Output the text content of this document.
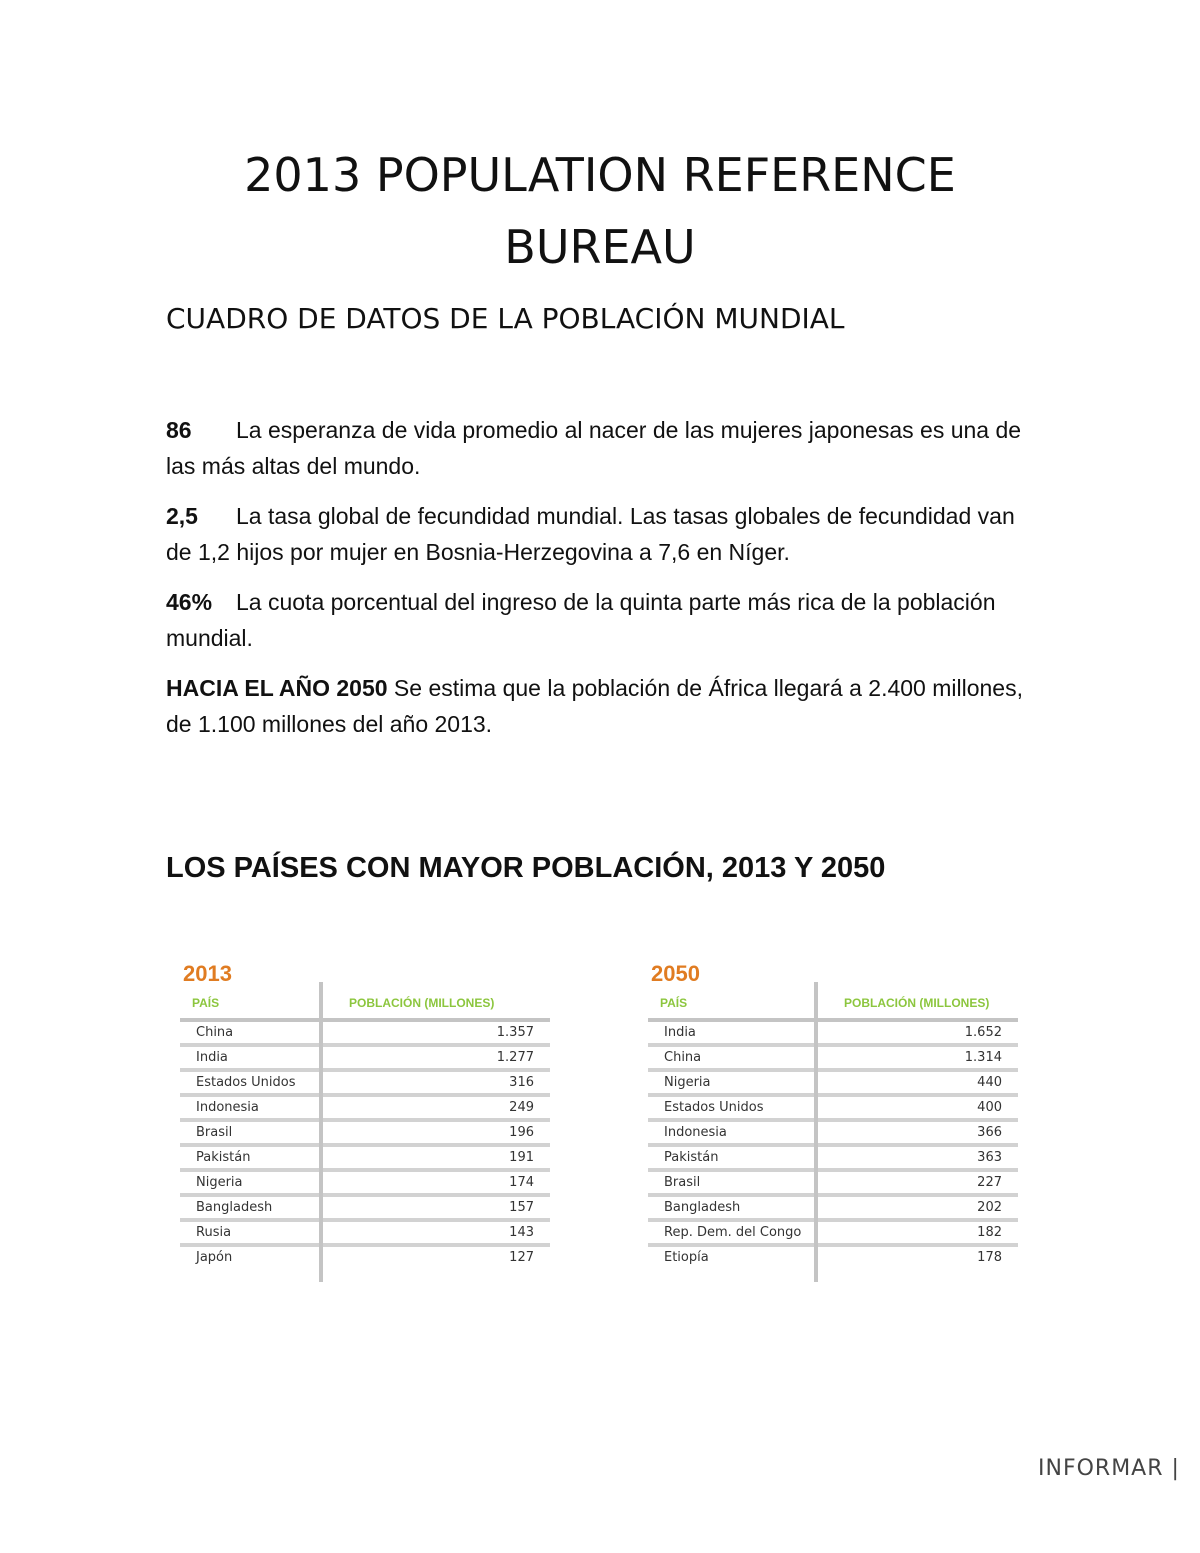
2013 POPULATION REFERENCE
BUREAU
CUADRO DE DATOS DE LA POBLACIÓN MUNDIAL

86 La esperanza de vida promedio al nacer de las mujeres japonesas es una de las más altas del mundo.

2,5 La tasa global de fecundidad mundial. Las tasas globales de fecundidad van de 1,2 hijos por mujer en Bosnia-Herzegovina a 7,6 en Níger.

46% La cuota porcentual del ingreso de la quinta parte más rica de la población mundial.

HACIA EL AÑO 2050 Se estima que la población de África llegará a 2.400 millones, de 1.100 millones del año 2013.

LOS PAÍSES CON MAYOR POBLACIÓN, 2013 Y 2050
2013
PAÍS	POBLACIÓN (MILLONES)
China	1.357
India	1.277
Estados Unidos	316
Indonesia	249
Brasil	196
Pakistán	191
Nigeria	174
Bangladesh	157
Rusia	143
Japón	127
2050
PAÍS	POBLACIÓN (MILLONES)
India	1.652
China	1.314
Nigeria	440
Estados Unidos	400
Indonesia	366
Pakistán	363
Brasil	227
Bangladesh	202
Rep. Dem. del Congo	182
Etiopía	178

INFORMAR |
